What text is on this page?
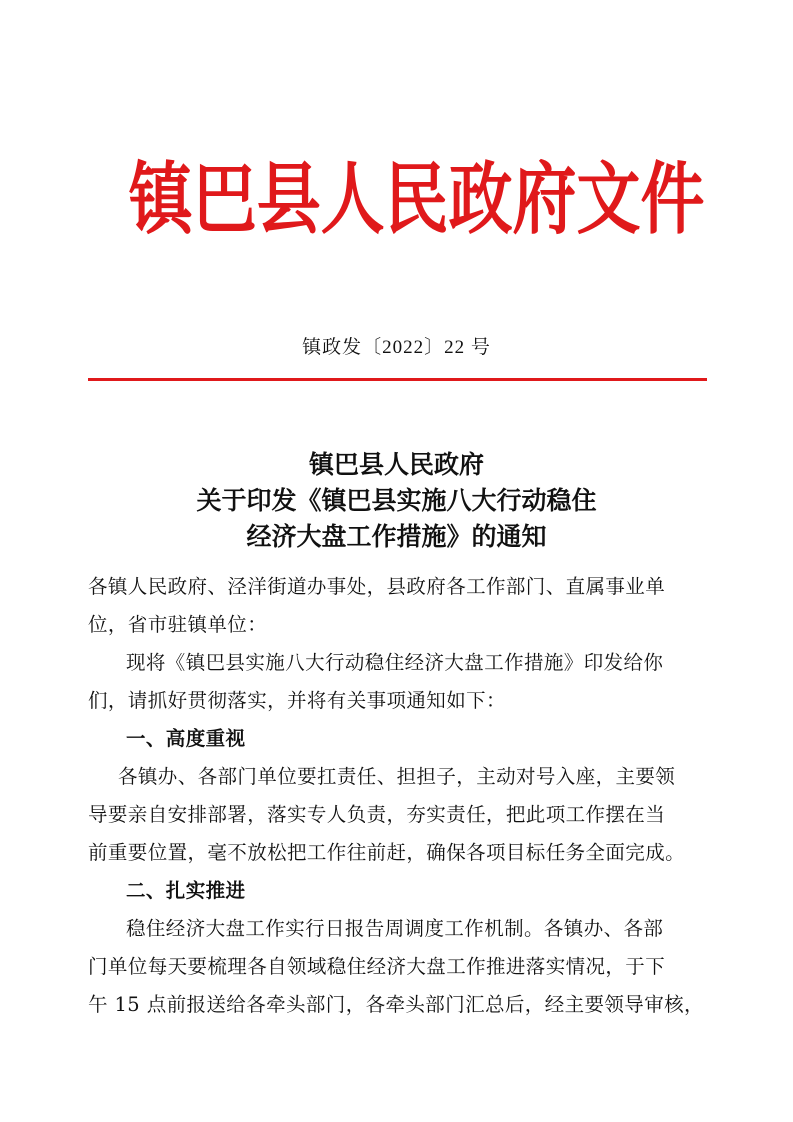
镇巴县人民政府文件
镇政发〔2022〕22 号
镇巴县人民政府
关于印发《镇巴县实施八大行动稳住
经济大盘工作措施》的通知
各镇人民政府、泾洋街道办事处，县政府各工作部门、直属事业单
位，省市驻镇单位：
现将《镇巴县实施八大行动稳住经济大盘工作措施》印发给你
们，请抓好贯彻落实，并将有关事项通知如下：
一、高度重视
各镇办、各部门单位要扛责任、担担子，主动对号入座，主要领
导要亲自安排部署，落实专人负责，夯实责任，把此项工作摆在当
前重要位置，毫不放松把工作往前赶，确保各项目标任务全面完成。
二、扎实推进
稳住经济大盘工作实行日报告周调度工作机制。各镇办、各部
门单位每天要梳理各自领域稳住经济大盘工作推进落实情况，于下
午 15 点前报送给各牵头部门，各牵头部门汇总后，经主要领导审核，
